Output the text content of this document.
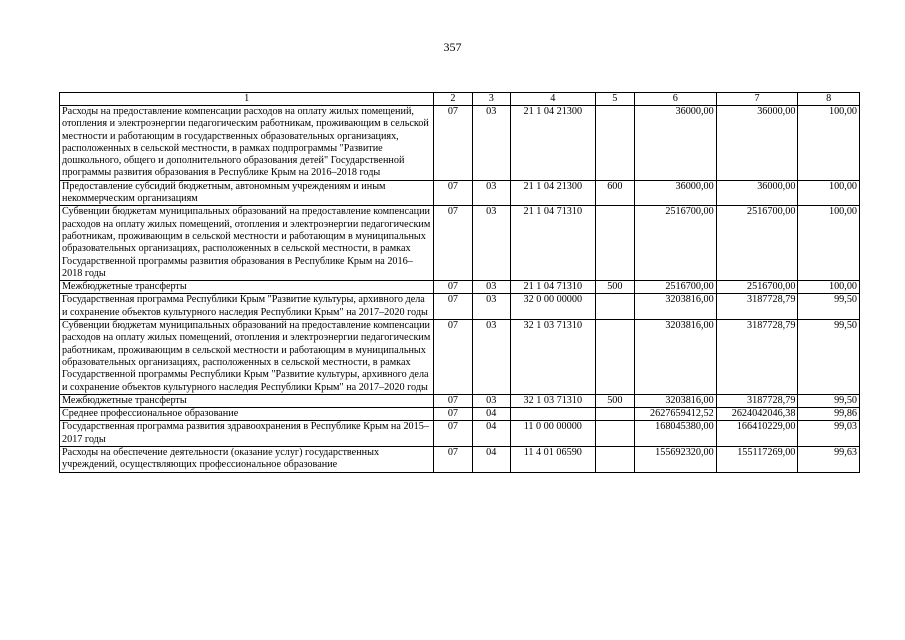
357
1	2	3	4	5	6	7	8
Расходы на предоставление компенсации расходов на оплату жилых помещений, отопления и электроэнергии педагогическим работникам, проживающим в сельской местности и работающим в государственных образовательных организациях, расположенных в сельской местности, в рамках подпрограммы "Развитие дошкольного, общего и дополнительного образования детей" Государственной программы развития образования в Республике Крым на 2016–2018 годы	07	03	21 1 04 21300		36000,00	36000,00	100,00
Предоставление субсидий бюджетным, автономным учреждениям и иным некоммерческим организациям	07	03	21 1 04 21300	600	36000,00	36000,00	100,00
Субвенции бюджетам муниципальных образований на предоставление компенсации расходов на оплату жилых помещений, отопления и электроэнергии педагогическим работникам, проживающим в сельской местности и работающим в муниципальных образовательных организациях, расположенных в сельской местности, в рамках Государственной программы развития образования в Республике Крым на 2016–2018 годы	07	03	21 1 04 71310		2516700,00	2516700,00	100,00
Межбюджетные трансферты	07	03	21 1 04 71310	500	2516700,00	2516700,00	100,00
Государственная программа Республики Крым "Развитие культуры, архивного дела и сохранение объектов культурного наследия Республики Крым" на 2017–2020 годы	07	03	32 0 00 00000		3203816,00	3187728,79	99,50
Субвенции бюджетам муниципальных образований на предоставление компенсации расходов на оплату жилых помещений, отопления и электроэнергии педагогическим работникам, проживающим в сельской местности и работающим в муниципальных образовательных организациях, расположенных в сельской местности, в рамках Государственной программы Республики Крым "Развитие культуры, архивного дела и сохранение объектов культурного наследия Республики Крым" на 2017–2020 годы	07	03	32 1 03 71310		3203816,00	3187728,79	99,50
Межбюджетные трансферты	07	03	32 1 03 71310	500	3203816,00	3187728,79	99,50
Среднее профессиональное образование	07	04			2627659412,52	2624042046,38	99,86
Государственная программа развития здравоохранения в Республике Крым на 2015–2017 годы	07	04	11 0 00 00000		168045380,00	166410229,00	99,03
Расходы на обеспечение деятельности (оказание услуг) государственных учреждений, осуществляющих профессиональное образование	07	04	11 4 01 06590		155692320,00	155117269,00	99,63
